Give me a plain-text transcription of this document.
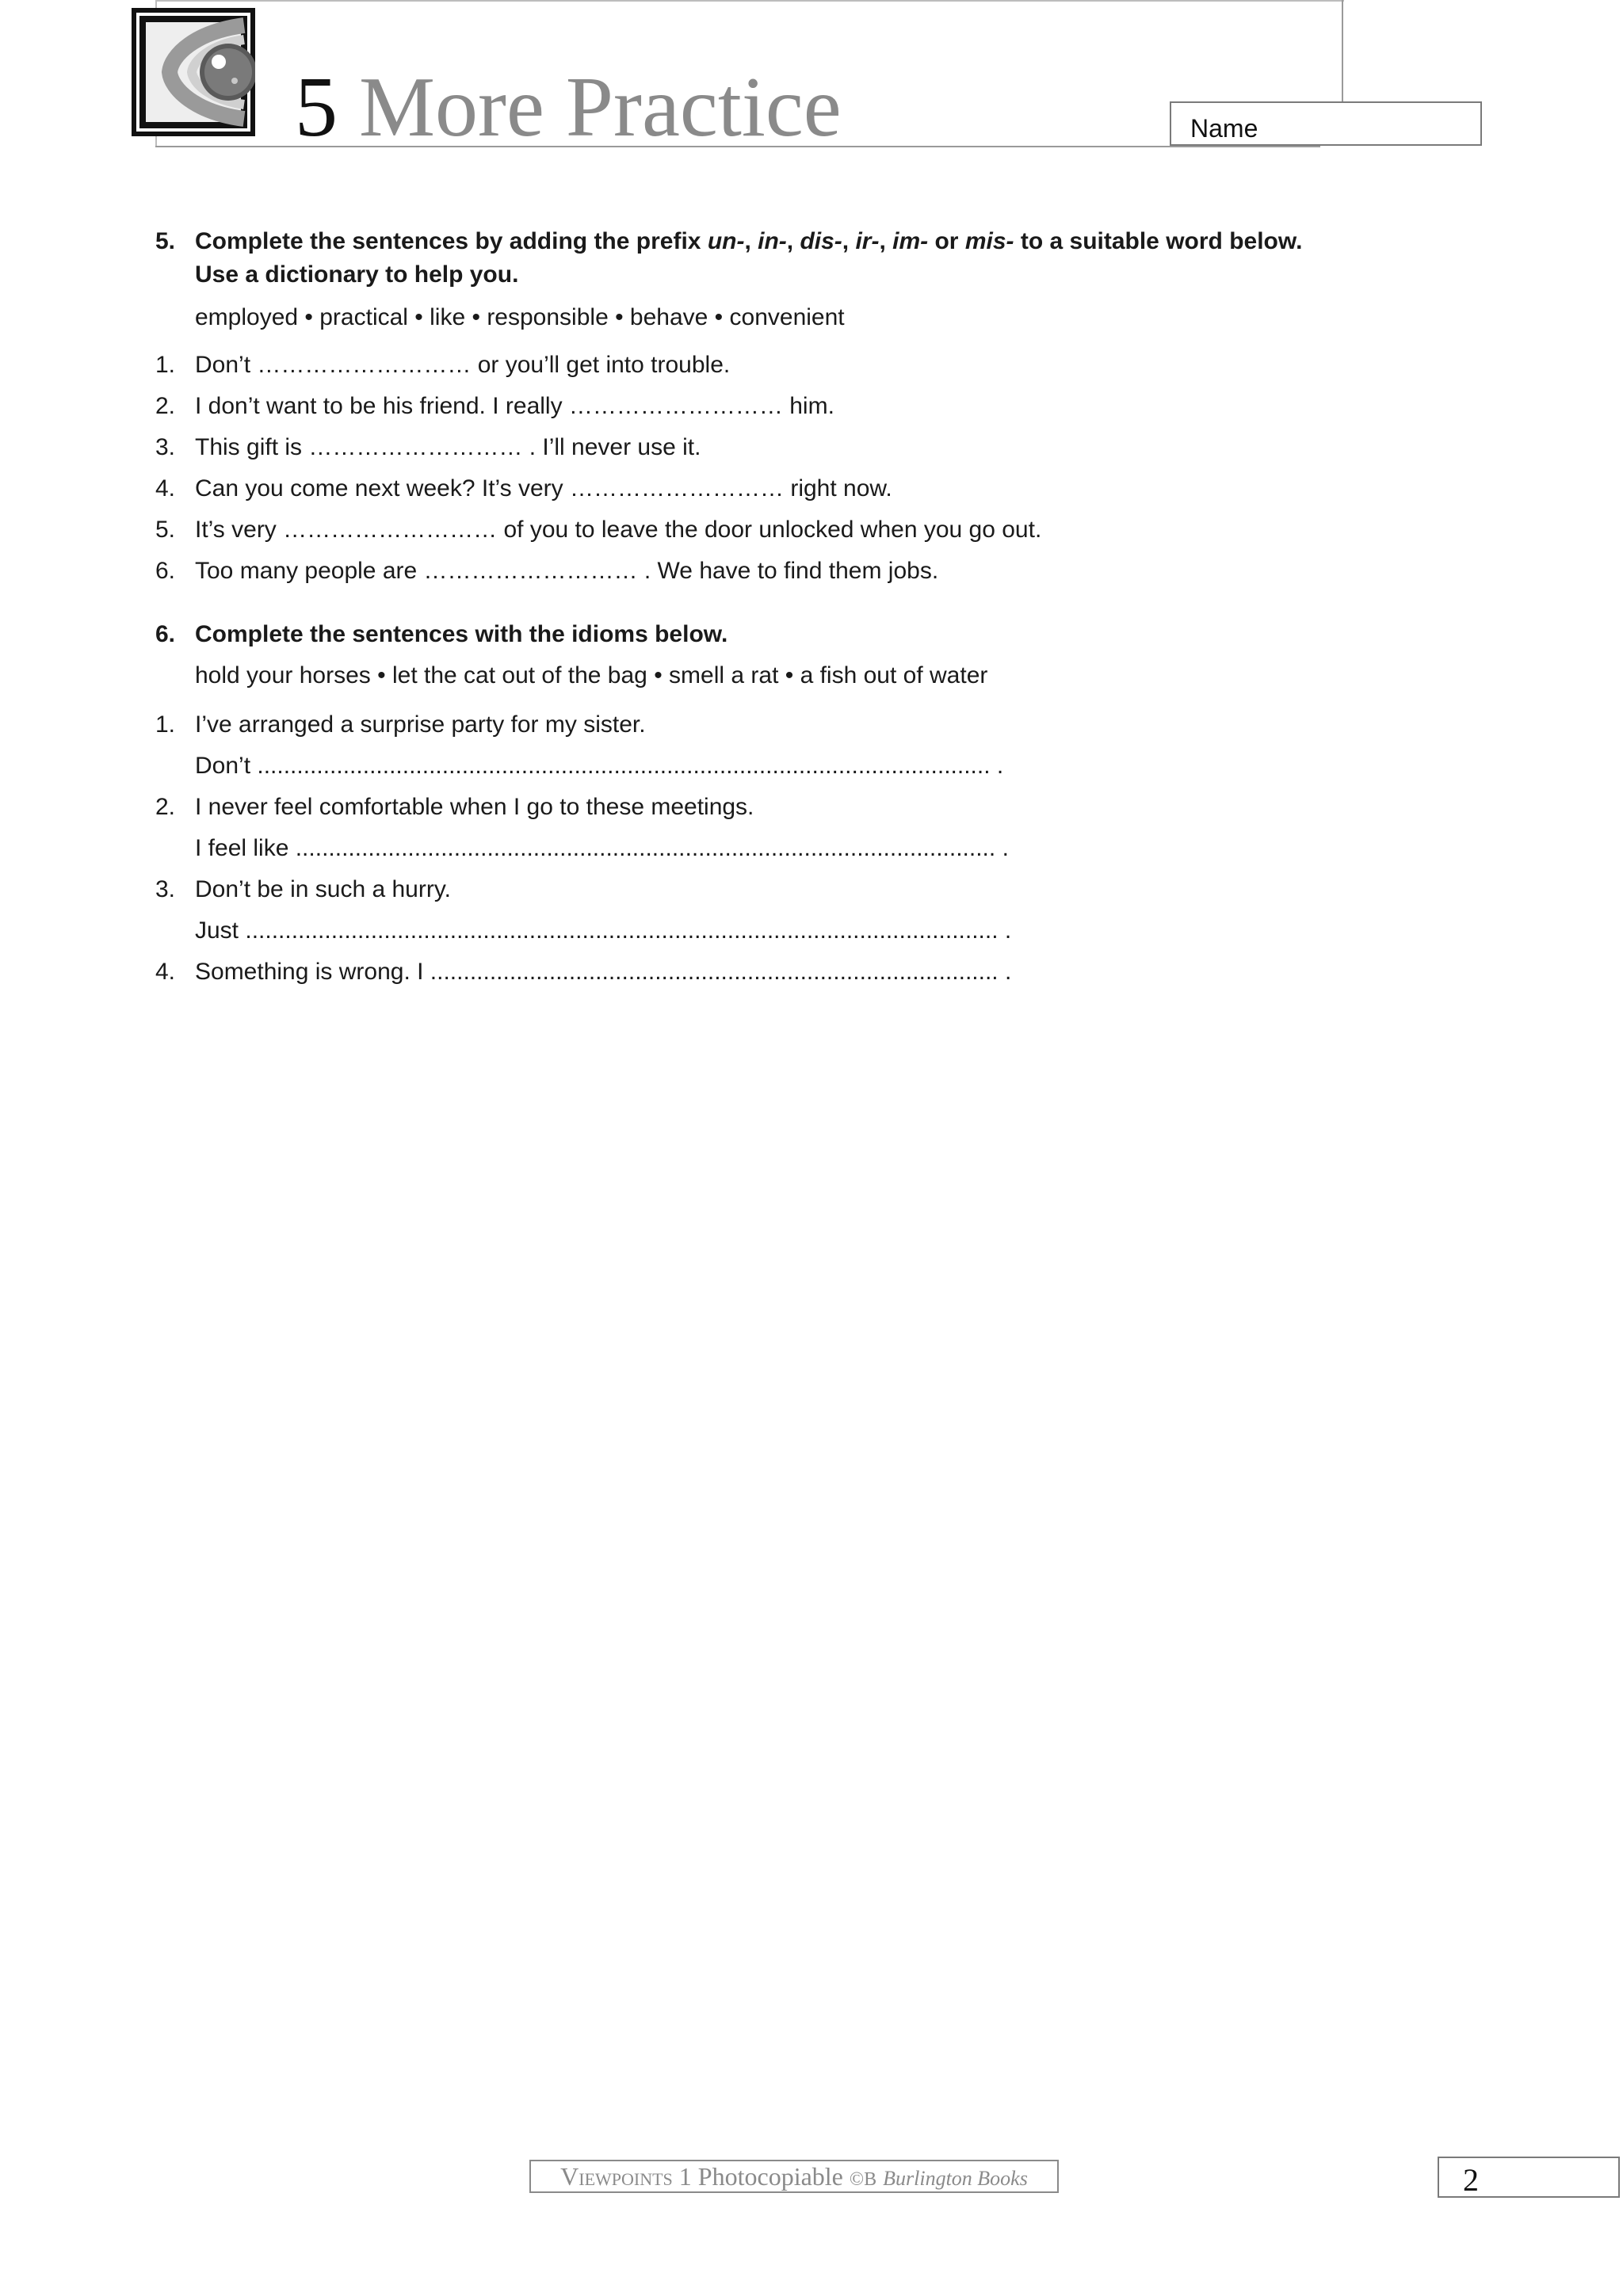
5 More Practice	Name
5. Complete the sentences by adding the prefix un-, in-, dis-, ir-, im- or mis- to a suitable word below.
Use a dictionary to help you.
employed • practical • like • responsible • behave • convenient
1. Don’t ……………………… or you’ll get into trouble.
2. I don’t want to be his friend. I really ……………………… him.
3. This gift is ……………………… . I’ll never use it.
4. Can you come next week? It’s very ……………………… right now.
5. It’s very ……………………… of you to leave the door unlocked when you go out.
6. Too many people are ……………………… . We have to find them jobs.
6. Complete the sentences with the idioms below.
hold your horses • let the cat out of the bag • smell a rat • a fish out of water
1. I’ve arranged a surprise party for my sister.
Don’t ............................................................................................................... .
2. I never feel comfortable when I go to these meetings.
I feel like .......................................................................................................... .
3. Don’t be in such a hurry.
Just .................................................................................................................. .
4. Something is wrong. I ...................................................................................... .
Viewpoints 1 Photocopiable ©B Burlington Books	2
